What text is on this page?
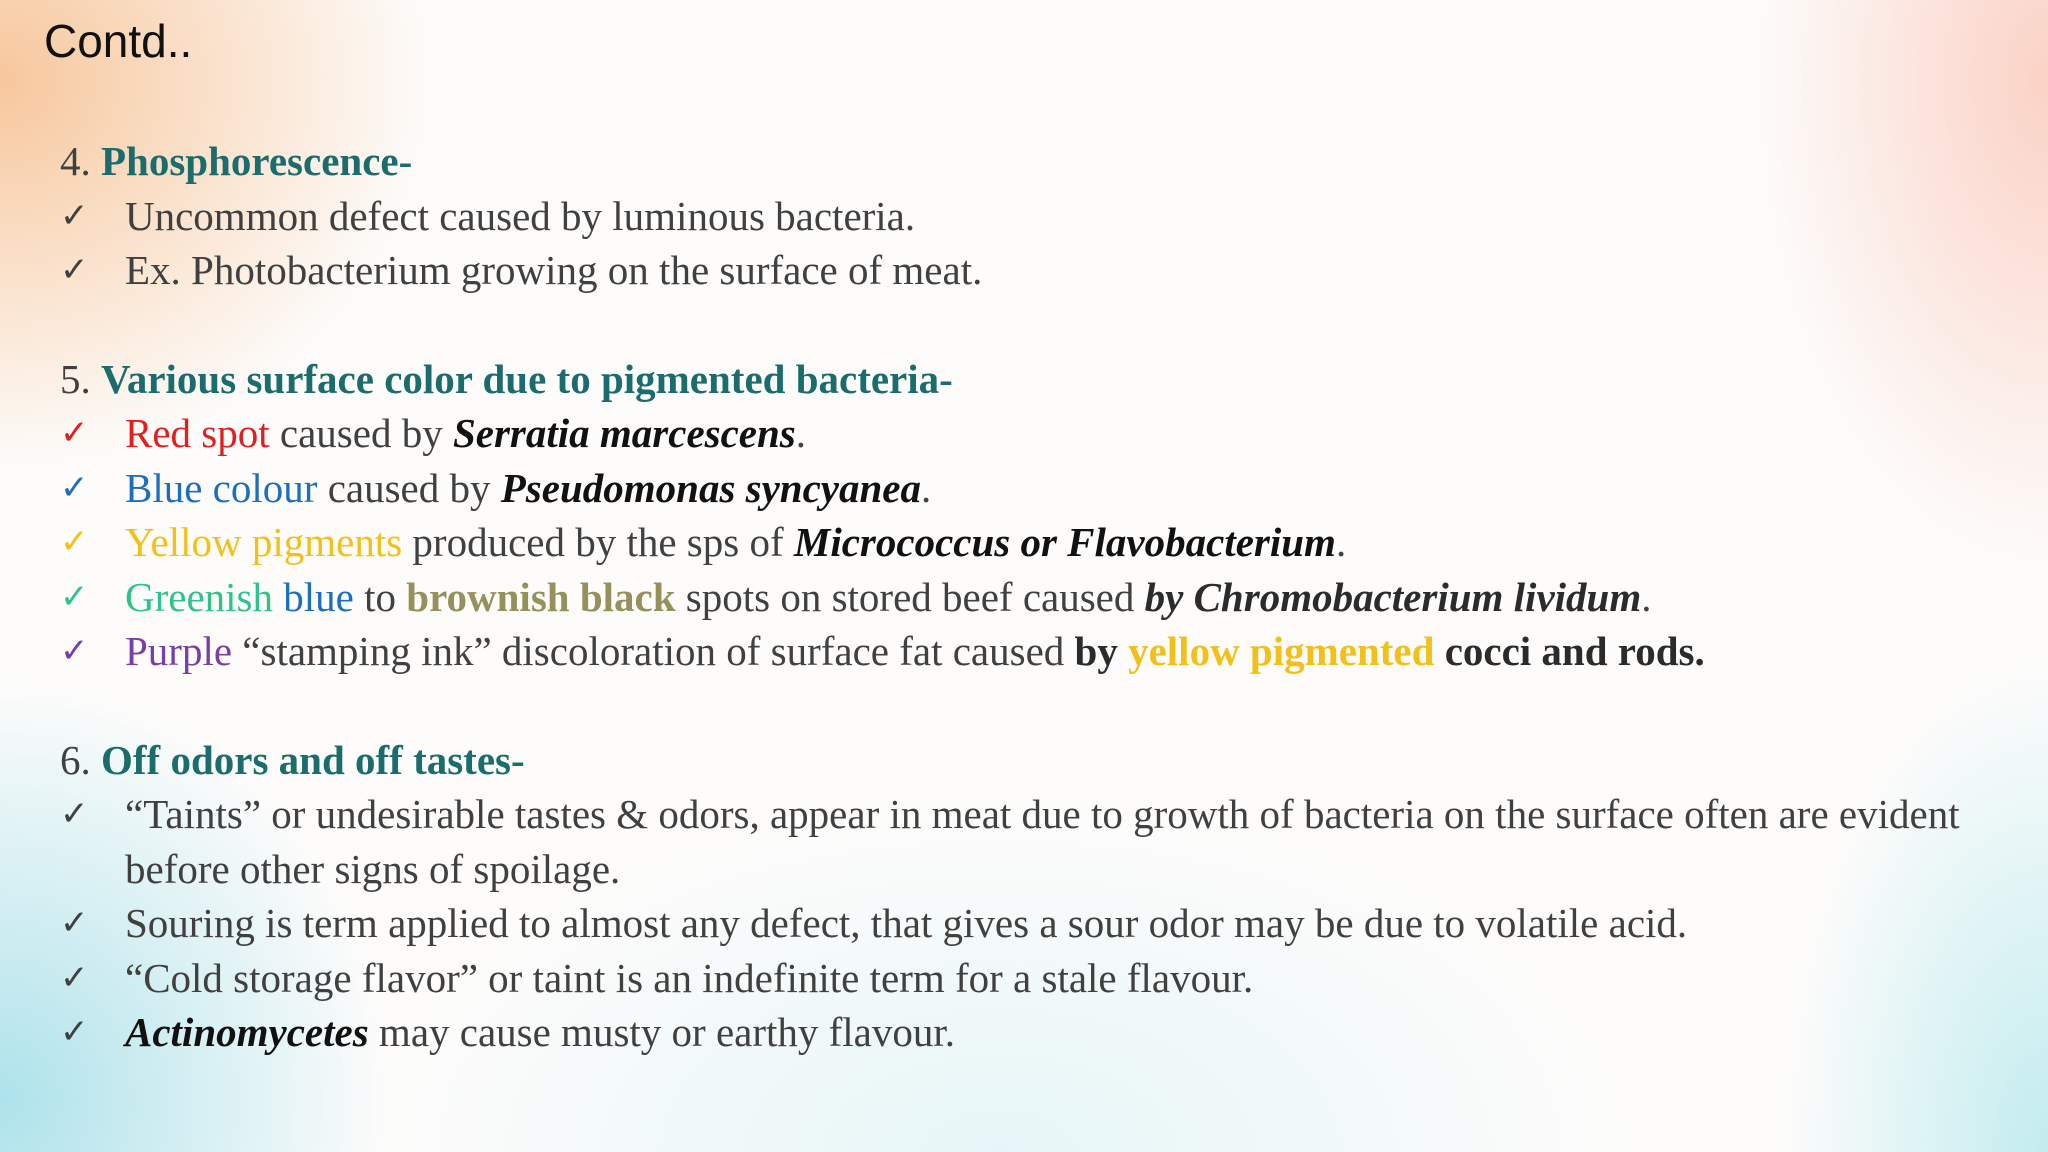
Contd..

4. Phosphorescence-

✓ Uncommon defect caused by luminous bacteria.
✓ Ex. Photobacterium growing on the surface of meat.

5. Various surface color due to pigmented bacteria-

✓ Red spot caused by Serratia marcescens.
✓ Blue colour caused by Pseudomonas syncyanea.
✓ Yellow pigments produced by the sps of Micrococcus or Flavobacterium.
✓ Greenish blue to brownish black spots on stored beef caused by Chromobacterium lividum.
✓ Purple “stamping ink” discoloration of surface fat caused by yellow pigmented cocci and rods.

6. Off odors and off tastes-

✓ “Taints” or undesirable tastes & odors, appear in meat due to growth of bacteria on the surface often are evident before other signs of spoilage.
✓ Souring is term applied to almost any defect, that gives a sour odor may be due to volatile acid.
✓ “Cold storage flavor” or taint is an indefinite term for a stale flavour.
✓ Actinomycetes may cause musty or earthy flavour.
